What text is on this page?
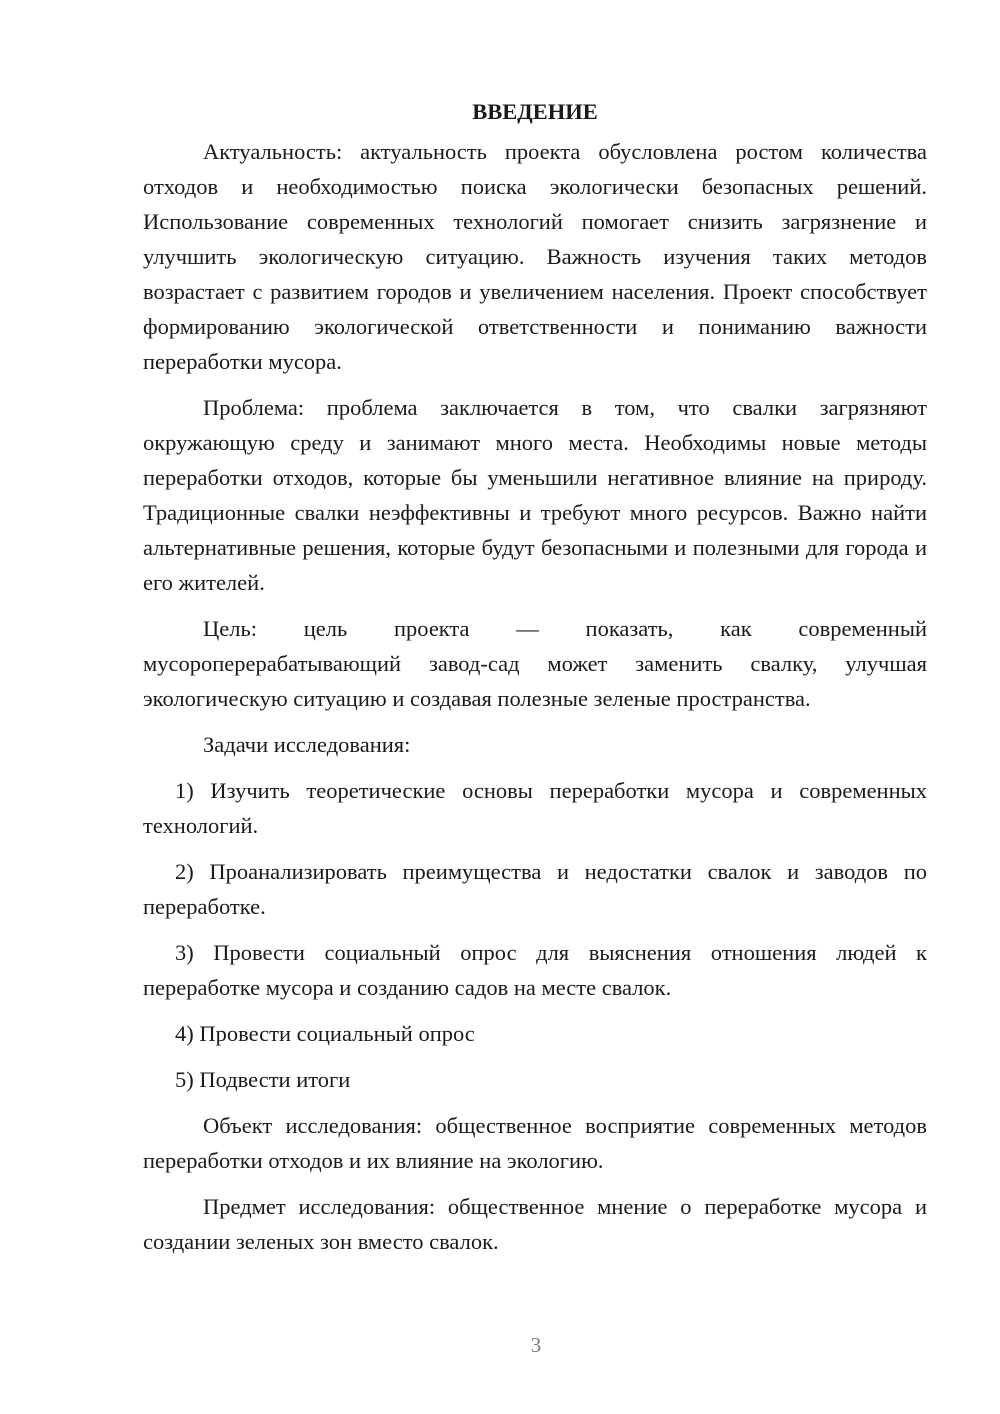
ВВЕДЕНИЕ

Актуальность: актуальность проекта обусловлена ростом количества отходов и необходимостью поиска экологически безопасных решений. Использование современных технологий помогает снизить загрязнение и улучшить экологическую ситуацию. Важность изучения таких методов возрастает с развитием городов и увеличением населения. Проект способствует формированию экологической ответственности и пониманию важности переработки мусора.

Проблема: проблема заключается в том, что свалки загрязняют окружающую среду и занимают много места. Необходимы новые методы переработки отходов, которые бы уменьшили негативное влияние на природу. Традиционные свалки неэффективны и требуют много ресурсов. Важно найти альтернативные решения, которые будут безопасными и полезными для города и его жителей.

Цель: цель проекта — показать, как современный мусороперерабатывающий завод-сад может заменить свалку, улучшая экологическую ситуацию и создавая полезные зеленые пространства.

Задачи исследования:

1) Изучить теоретические основы переработки мусора и современных технологий.

2) Проанализировать преимущества и недостатки свалок и заводов по переработке.

3) Провести социальный опрос для выяснения отношения людей к переработке мусора и созданию садов на месте свалок.

4) Провести социальный опрос

5) Подвести итоги

Объект исследования: общественное восприятие современных методов переработки отходов и их влияние на экологию.

Предмет исследования: общественное мнение о переработке мусора и создании зеленых зон вместо свалок.

3
